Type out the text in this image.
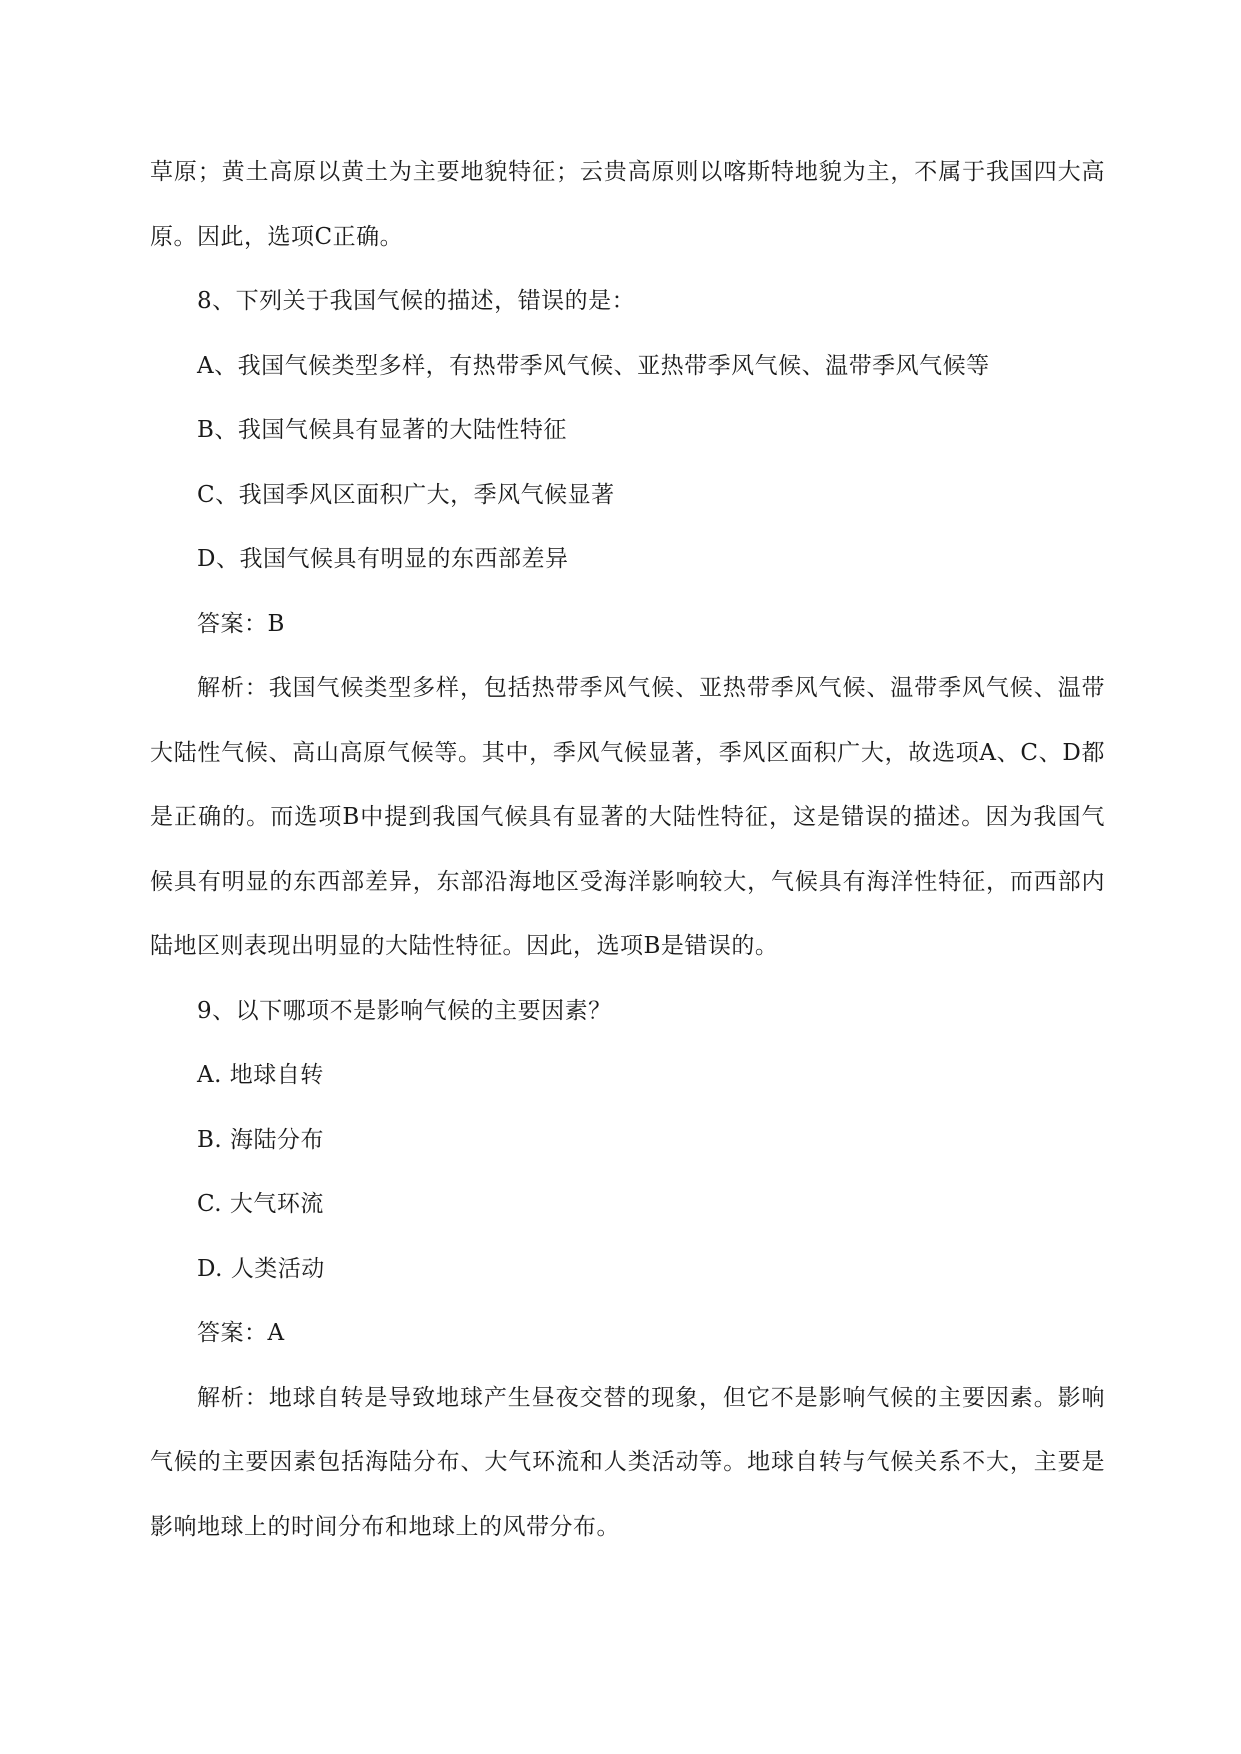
草原；黄土高原以黄土为主要地貌特征；云贵高原则以喀斯特地貌为主，不属于我国四大高原。因此，选项C正确。

8、下列关于我国气候的描述，错误的是：

A、我国气候类型多样，有热带季风气候、亚热带季风气候、温带季风气候等

B、我国气候具有显著的大陆性特征

C、我国季风区面积广大，季风气候显著

D、我国气候具有明显的东西部差异

答案：B

解析：我国气候类型多样，包括热带季风气候、亚热带季风气候、温带季风气候、温带大陆性气候、高山高原气候等。其中，季风气候显著，季风区面积广大，故选项A、C、D都是正确的。而选项B中提到我国气候具有显著的大陆性特征，这是错误的描述。因为我国气候具有明显的东西部差异，东部沿海地区受海洋影响较大，气候具有海洋性特征，而西部内陆地区则表现出明显的大陆性特征。因此，选项B是错误的。

9、以下哪项不是影响气候的主要因素？

A. 地球自转

B. 海陆分布

C. 大气环流

D. 人类活动

答案：A

解析：地球自转是导致地球产生昼夜交替的现象，但它不是影响气候的主要因素。影响气候的主要因素包括海陆分布、大气环流和人类活动等。地球自转与气候关系不大，主要是影响地球上的时间分布和地球上的风带分布。
